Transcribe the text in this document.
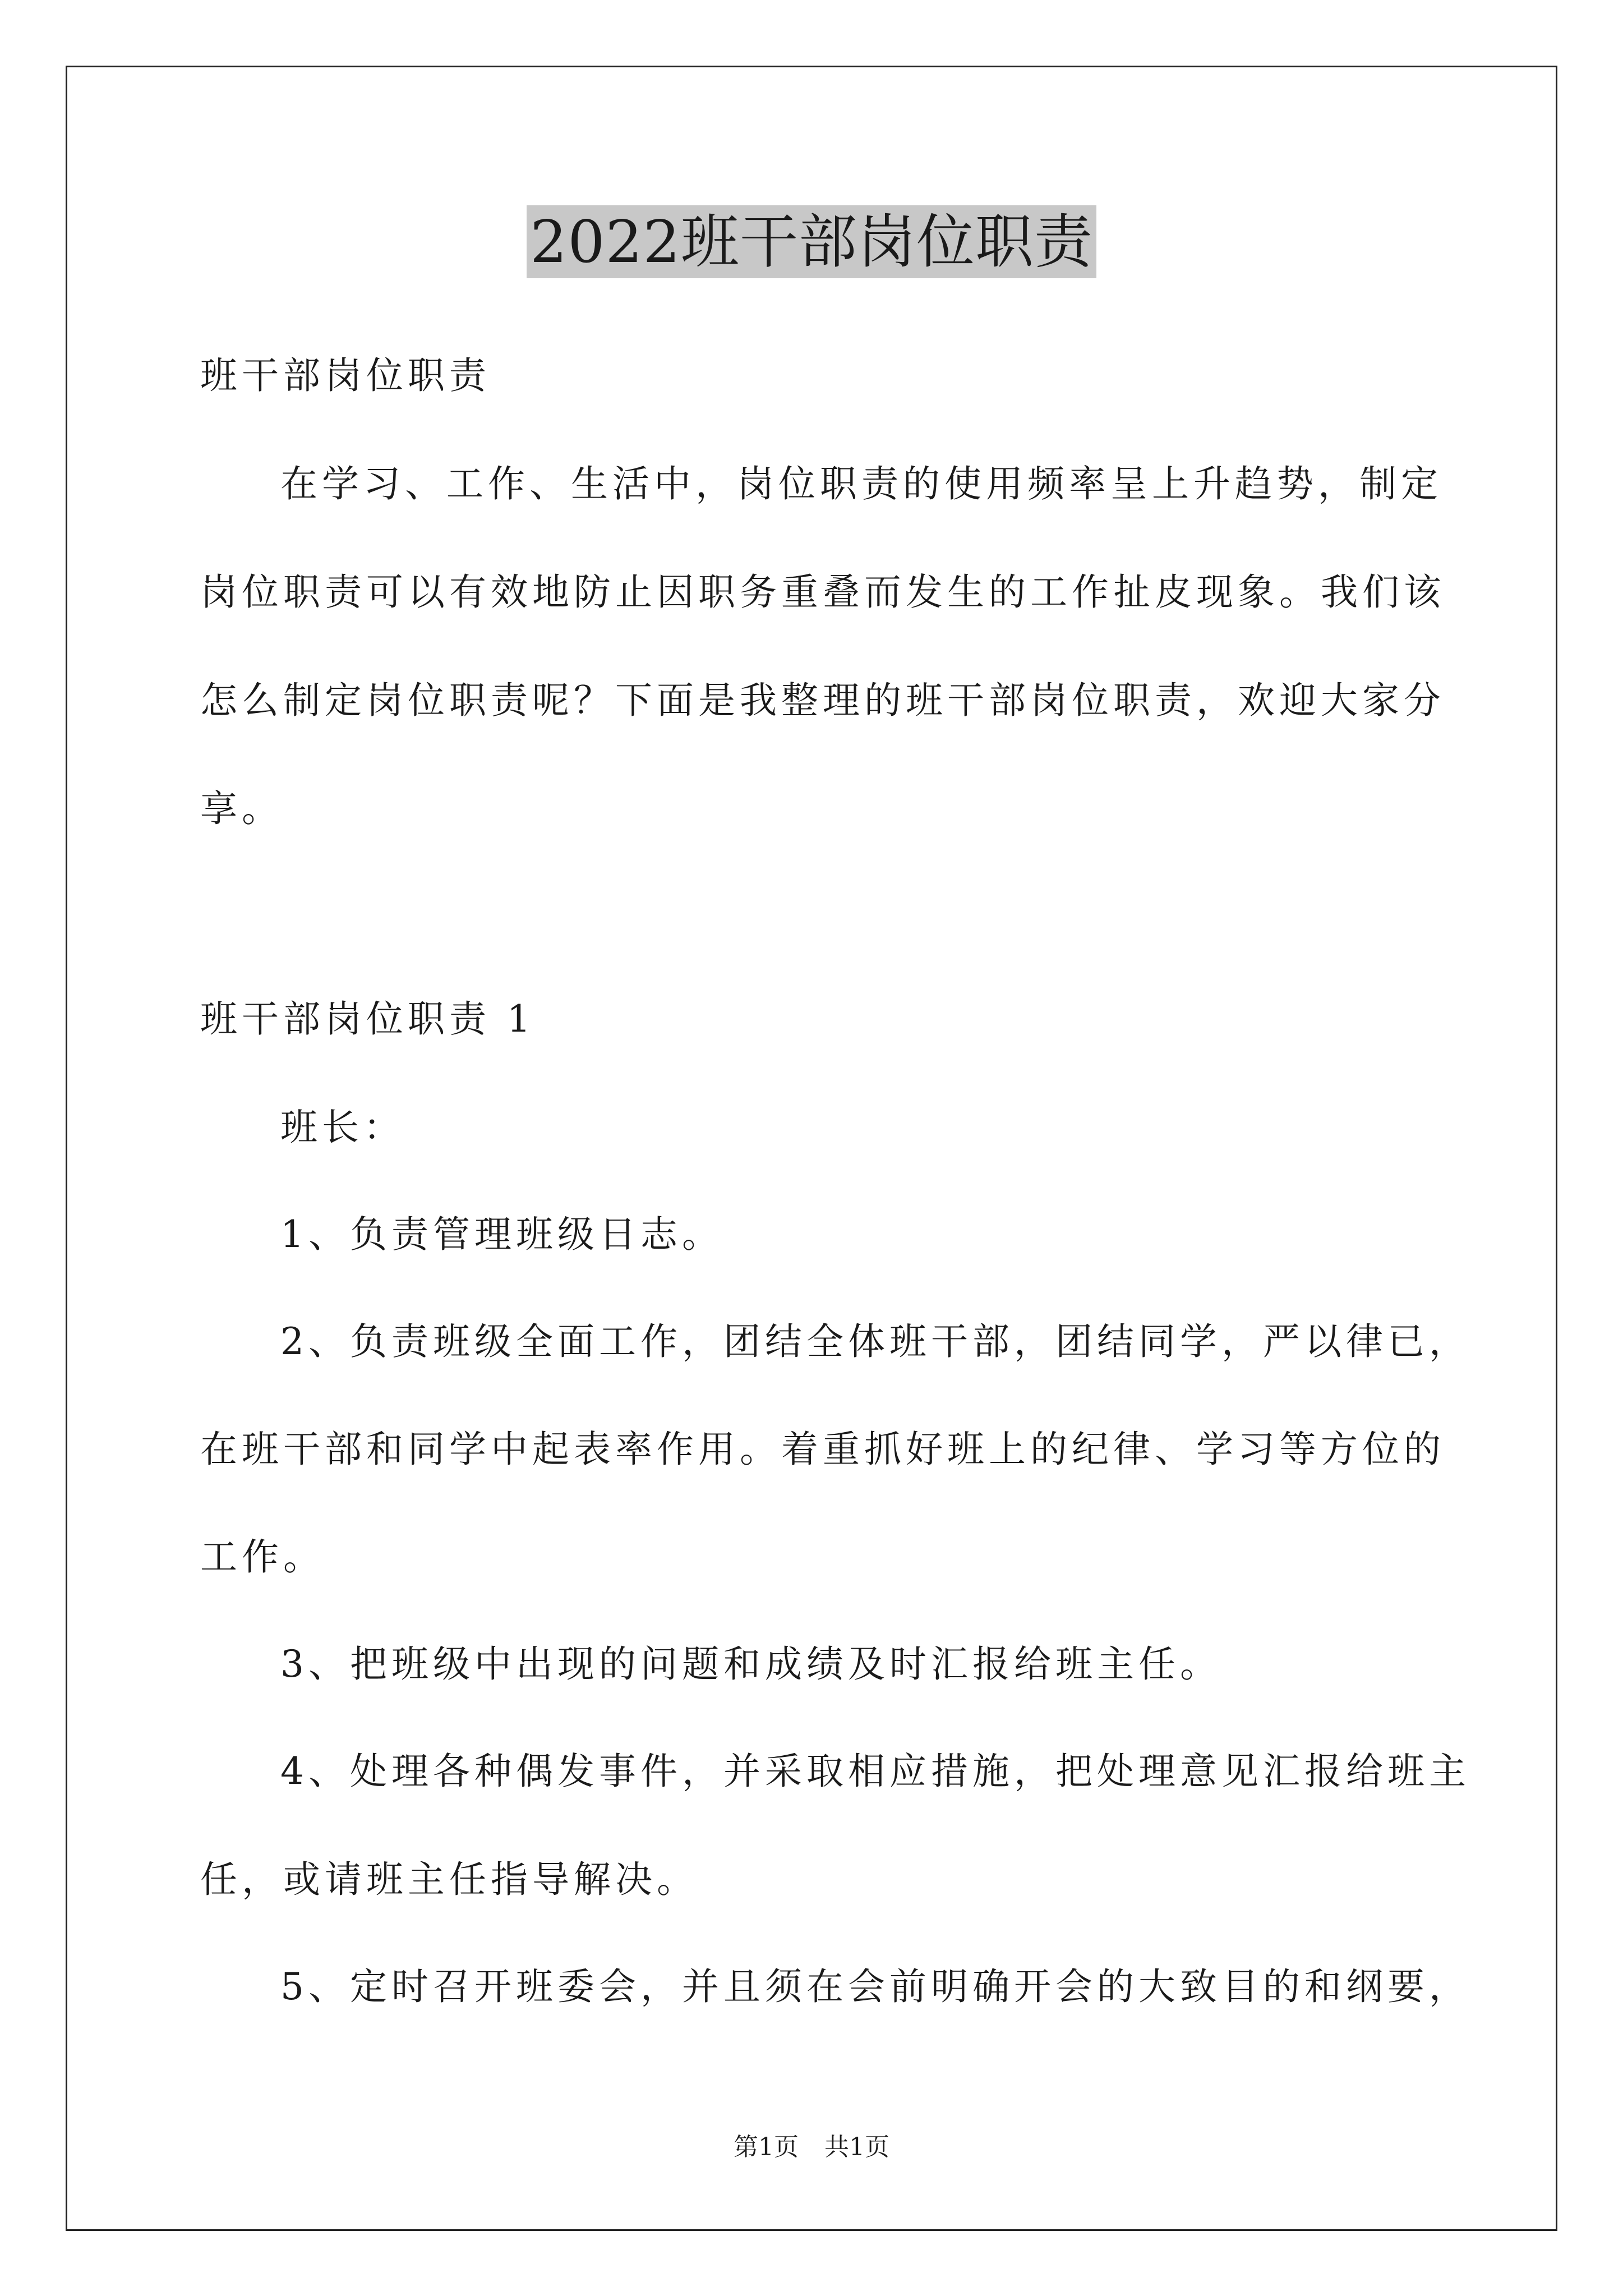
2022班干部岗位职责
班干部岗位职责
在学习、工作、生活中，岗位职责的使用频率呈上升趋势，制定
岗位职责可以有效地防止因职务重叠而发生的工作扯皮现象。我们该
怎么制定岗位职责呢？下面是我整理的班干部岗位职责，欢迎大家分
享。
班干部岗位职责 1
班长：
1、负责管理班级日志。
2、负责班级全面工作，团结全体班干部，团结同学，严以律已，
在班干部和同学中起表率作用。着重抓好班上的纪律、学习等方位的
工作。
3、把班级中出现的问题和成绩及时汇报给班主任。
4、处理各种偶发事件，并采取相应措施，把处理意见汇报给班主
任，或请班主任指导解决。
5、定时召开班委会，并且须在会前明确开会的大致目的和纲要，
第1页 共1页
